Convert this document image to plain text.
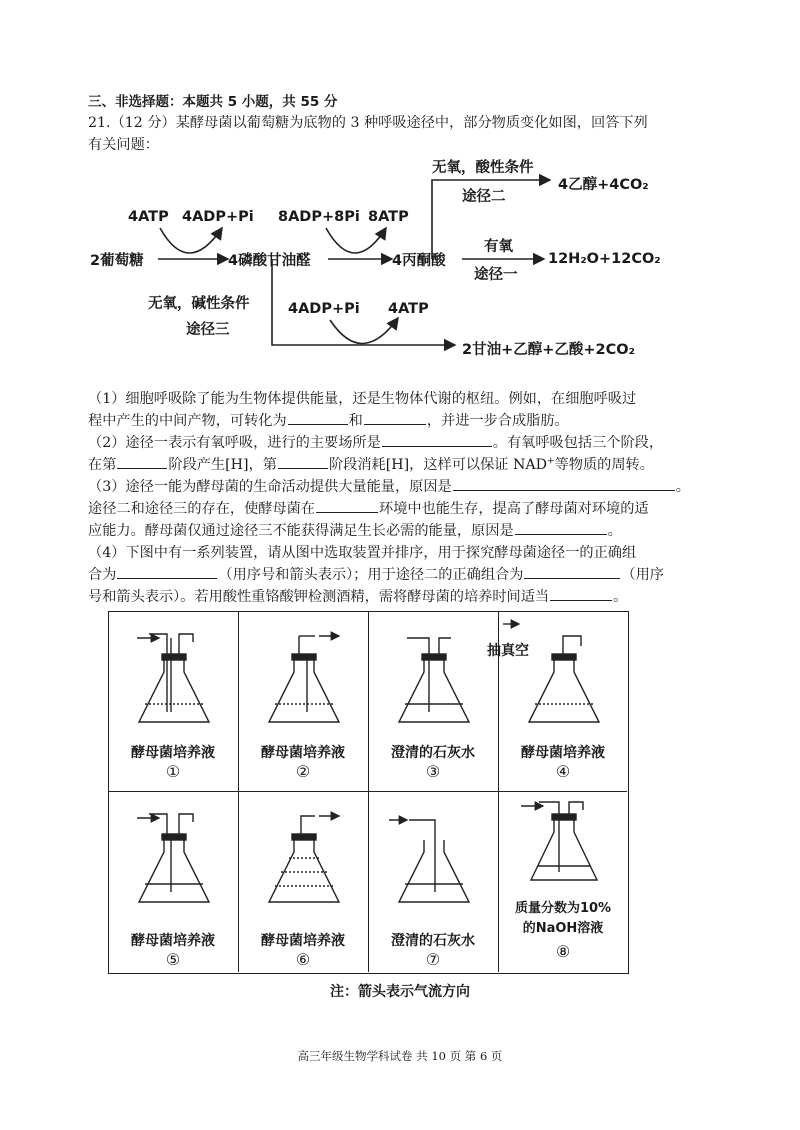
三、非选择题：本题共 5 小题，共 55 分
21.（12 分）某酵母菌以葡萄糖为底物的 3 种呼吸途径中，部分物质变化如图，回答下列
有关问题：
无氧，酸性条件
途径二
4乙醇+4CO₂
4ATP 4ADP+Pi 8ADP+8Pi 8ATP
2葡萄糖	4磷酸甘油醛	4丙酮酸
有氧
途径一
12H₂O+12CO₂
无氧，碱性条件
途径三
4ADP+Pi 4ATP
2甘油+乙醇+乙酸+2CO₂
（1）细胞呼吸除了能为生物体提供能量，还是生物体代谢的枢纽。例如，在细胞呼吸过
程中产生的中间产物，可转化为	和	，并进一步合成脂肪。
（2）途径一表示有氧呼吸，进行的主要场所是	。有氧呼吸包括三个阶段，
在第	阶段产生[H]，第	阶段消耗[H]，这样可以保证 NAD+等物质的周转。
（3）途径一能为酵母菌的生命活动提供大量能量，原因是	。
途径二和途径三的存在，使酵母菌在	环境中也能生存，提高了酵母菌对环境的适
应能力。酵母菌仅通过途径三不能获得满足生长必需的能量，原因是	。
（4）下图中有一系列装置，请从图中选取装置并排序，用于探究酵母菌途径一的正确组
合为	（用序号和箭头表示）；用于途径二的正确组合为	（用序
号和箭头表示）。若用酸性重铬酸钾检测酒精，需将酵母菌的培养时间适当	。
酵母菌培养液
①
酵母菌培养液
②
澄清的石灰水
③
抽真空
酵母菌培养液
④
酵母菌培养液
⑤
酵母菌培养液
⑥
澄清的石灰水
⑦
质量分数为10%
的NaOH溶液
⑧
注：箭头表示气流方向
高三年级生物学科试卷 共 10 页 第 6 页
